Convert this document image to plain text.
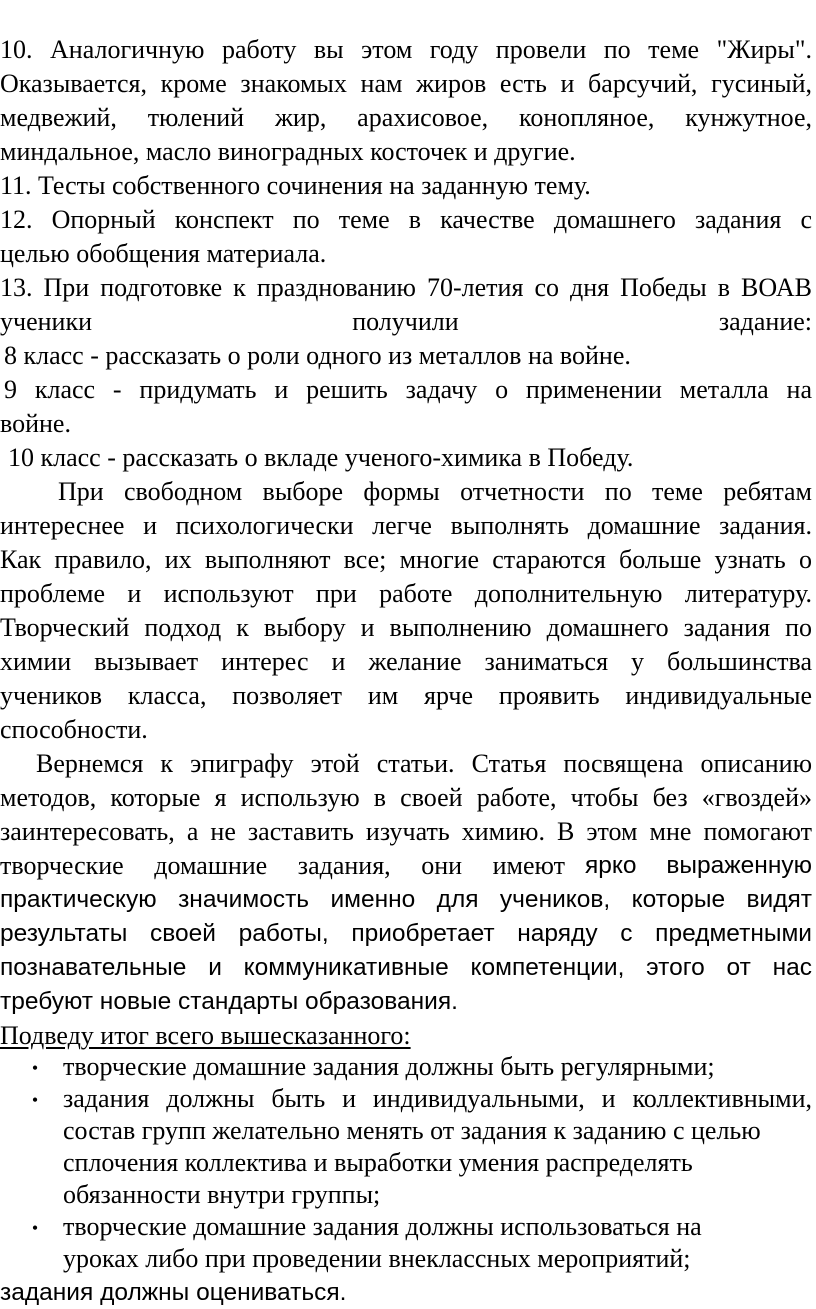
10. Аналогичную работу вы этом году провели по теме "Жиры".
Оказывается, кроме знакомых нам жиров есть и барсучий, гусиный,
медвежий, тюлений жир, арахисовое, конопляное, кунжутное,
миндальное, масло виноградных косточек и другие.
11. Тесты собственного сочинения на заданную тему.
12. Опорный конспект по теме в качестве домашнего задания с
целью обобщения материала.
13. При подготовке к празднованию 70-летия со дня Победы в ВОАВ
ученики получили задание:
8 класс - рассказать о роли одного из металлов на войне.
9 класс - придумать и решить задачу о применении металла на
войне.
10 класс - рассказать о вкладе ученого-химика в Победу.
При свободном выборе формы отчетности по теме ребятам
интереснее и психологически легче выполнять домашние задания.
Как правило, их выполняют все; многие стараются больше узнать о
проблеме и используют при работе дополнительную литературу.
Творческий подход к выбору и выполнению домашнего задания по
химии вызывает интерес и желание заниматься у большинства
учеников класса, позволяет им ярче проявить индивидуальные
способности.
Вернемся к эпиграфу этой статьи. Статья посвящена описанию
методов, которые я использую в своей работе, чтобы без «гвоздей»
заинтересовать, а не заставить изучать химию. В этом мне помогают
творческие домашние задания, они имеют ярко выраженную
практическую значимость именно для учеников, которые видят
результаты своей работы, приобретает наряду с предметными
познавательные и коммуникативные компетенции, этого от нас
требуют новые стандарты образования.
Подведу итог всего вышесказанного:
• творческие домашние задания должны быть регулярными;
• задания должны быть и индивидуальными, и коллективными,
состав групп желательно менять от задания к заданию с целью
сплочения коллектива и выработки умения распределять
обязанности внутри группы;
• творческие домашние задания должны использоваться на
уроках либо при проведении внеклассных мероприятий;
задания должны оцениваться.
